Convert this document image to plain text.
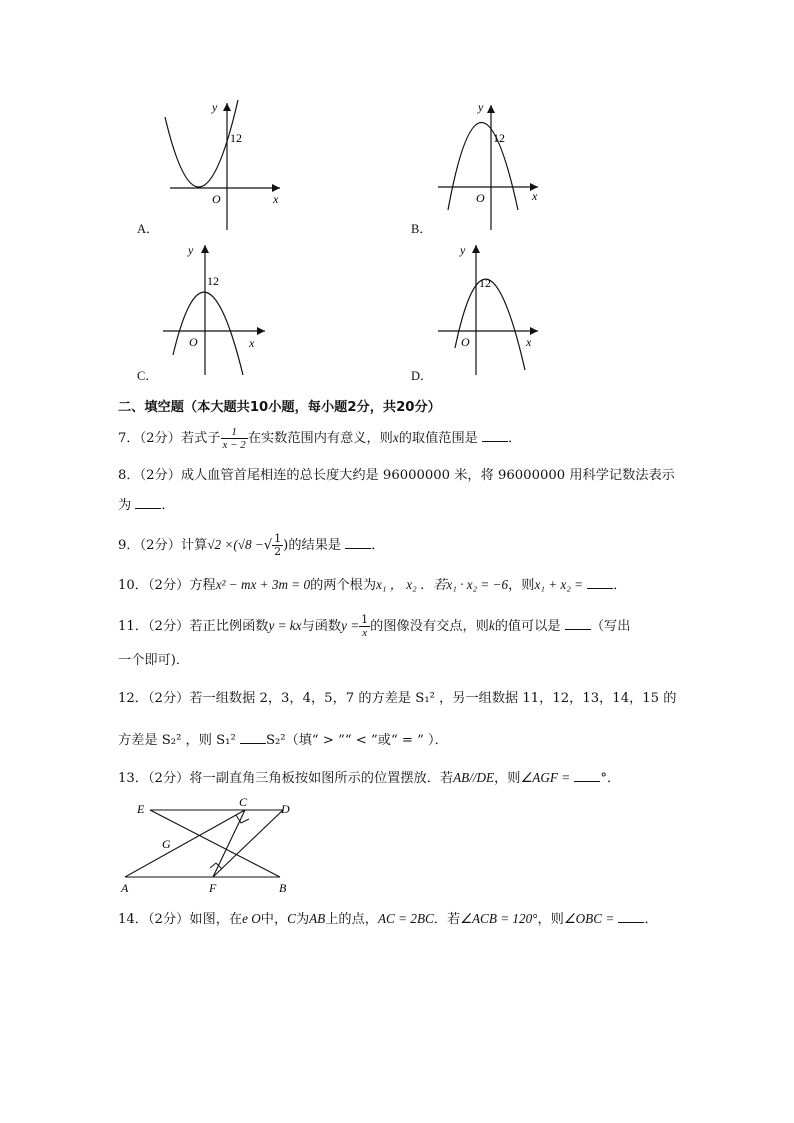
y
12
O	x
A．
y
12
O	x
B．
y
12
O	x
C．
y
12
O	x
D．
二、填空题（本大题共10小题，每小题2分，共20分）
7．（2分）若式子 $\frac{1}{x - 2}$ 在实数范围内有意义，则x的取值范围是 ．
8．（2分）成人血管首尾相连的总长度大约是 96000000 米，将 96000000 用科学记数法表示
为 ．
9．（2分）计算√2 ×(√8 −√ $\frac{1}{2}$ )的结果是 ．
10．（2分）方程x² − mx + 3m = 0的两个根为x₁ ， x₂ ．若x₁ · x₂ = −6，则x₁ + x₂ = ．
11．（2分）若正比例函数y = kx与函数$y = \frac{1}{x}$ 的图像没有交点，则k的值可以是 （写出
一个即可)．
12．（2分）若一组数据 2，3，4，5，7 的方差是 S₁² ，另一组数据 11，12，13，14，15 的
方差是 S₂² ，则 S₁² S₂²（填“ > ”“ < ”或“ = ” ）．
13．（2分）将一副直角三角板按如图所示的位置摆放．若AB//DE，则∠AGF = °．
E	C	D
G
A	F	B
14．（2分）如图，在e O中，C为AB上的点，AC = 2BC．若∠ACB = 120°，则∠OBC = ．
